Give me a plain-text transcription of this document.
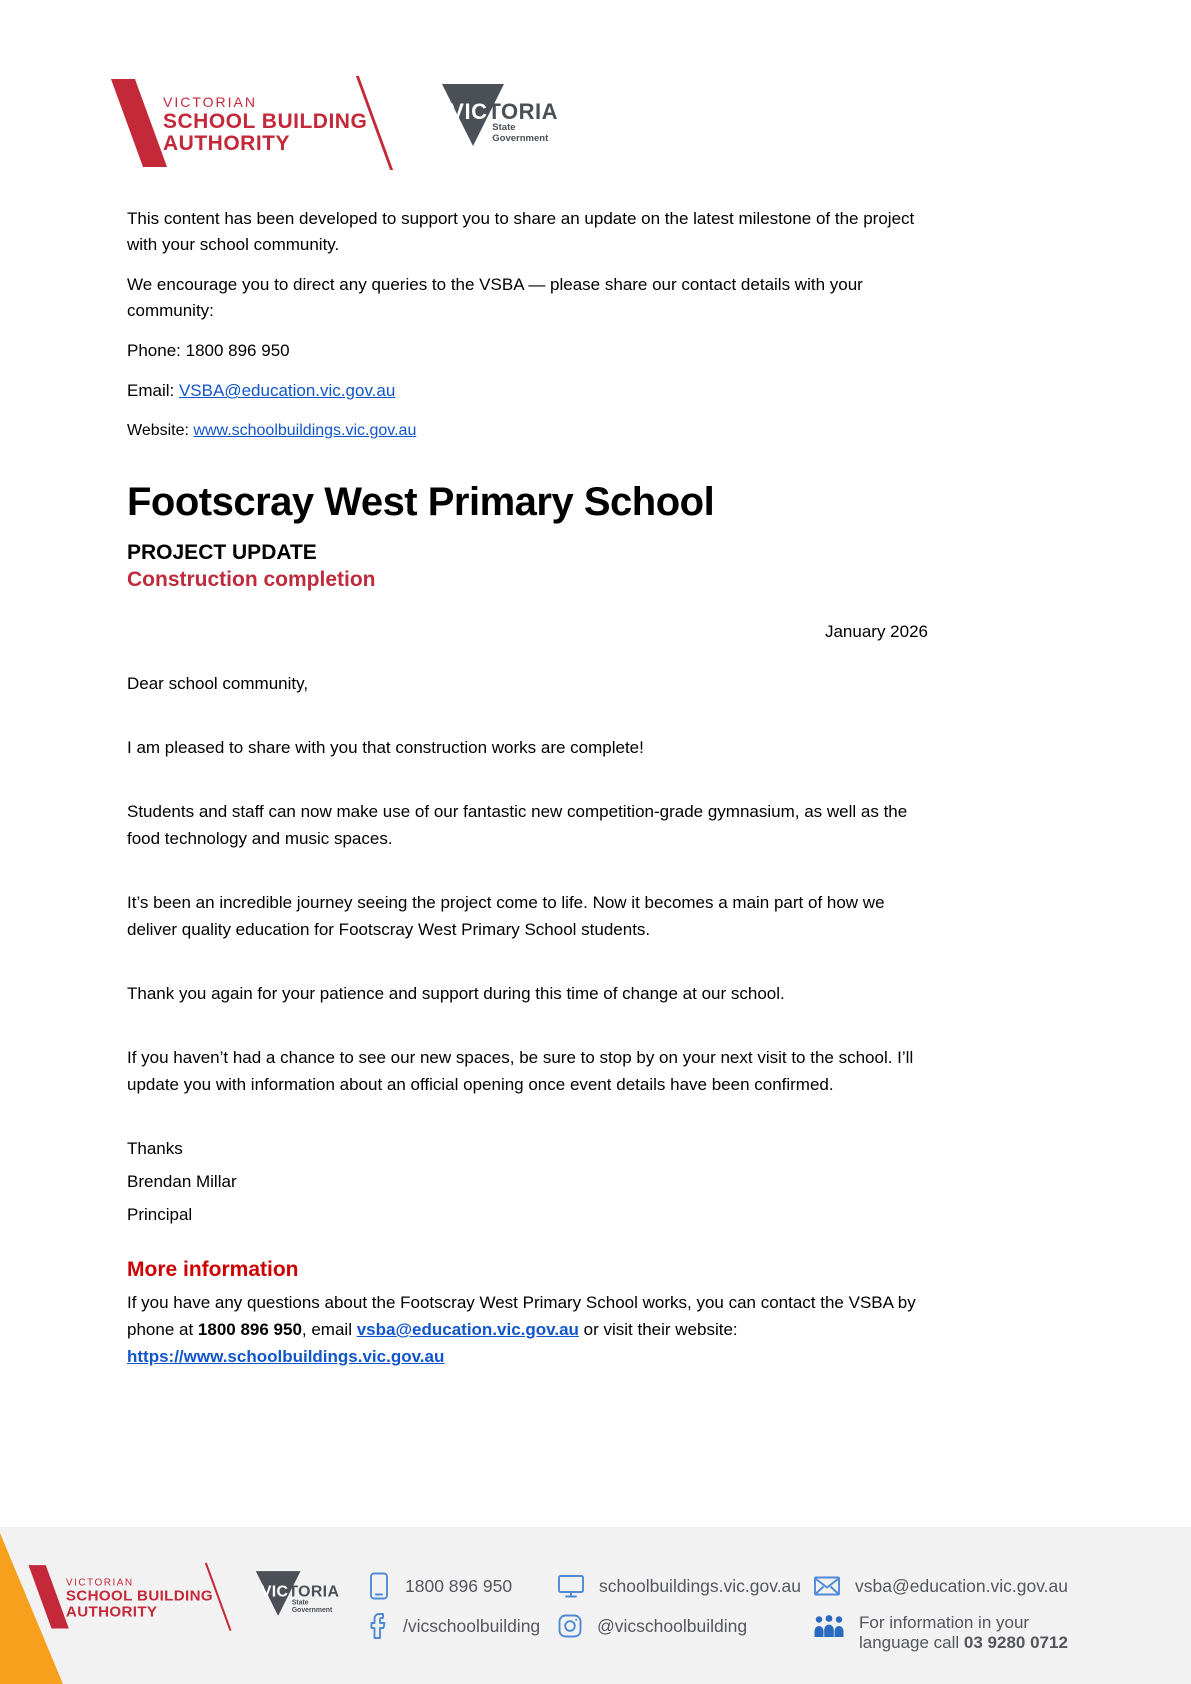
VICTORIAN
SCHOOL BUILDING
AUTHORITY
VICTORIA
State
Government

This content has been developed to support you to share an update on the latest milestone of the project with your school community.

We encourage you to direct any queries to the VSBA — please share our contact details with your community:

Phone: 1800 896 950
Email: VSBA@education.vic.gov.au
Website: www.schoolbuildings.vic.gov.au
Footscray West Primary School
PROJECT UPDATE
Construction completion
January 2026

Dear school community,

I am pleased to share with you that construction works are complete!

Students and staff can now make use of our fantastic new competition-grade gymnasium, as well as the food technology and music spaces.

It’s been an incredible journey seeing the project come to life. Now it becomes a main part of how we deliver quality education for Footscray West Primary School students.

Thank you again for your patience and support during this time of change at our school.

If you haven’t had a chance to see our new spaces, be sure to stop by on your next visit to the school. I’ll update you with information about an official opening once event details have been confirmed.

Thanks

Brendan Millar

Principal

More information

If you have any questions about the Footscray West Primary School works, you can contact the VSBA by phone at 1800 896 950, email vsba@education.vic.gov.au or visit their website: https://www.schoolbuildings.vic.gov.au

VICTORIAN
SCHOOL BUILDING
AUTHORITY
VICTORIA
State
Government
1800 896 950
/vicschoolbuilding
schoolbuildings.vic.gov.au
@vicschoolbuilding
vsba@education.vic.gov.au
For information in your
language call 03 9280 0712
